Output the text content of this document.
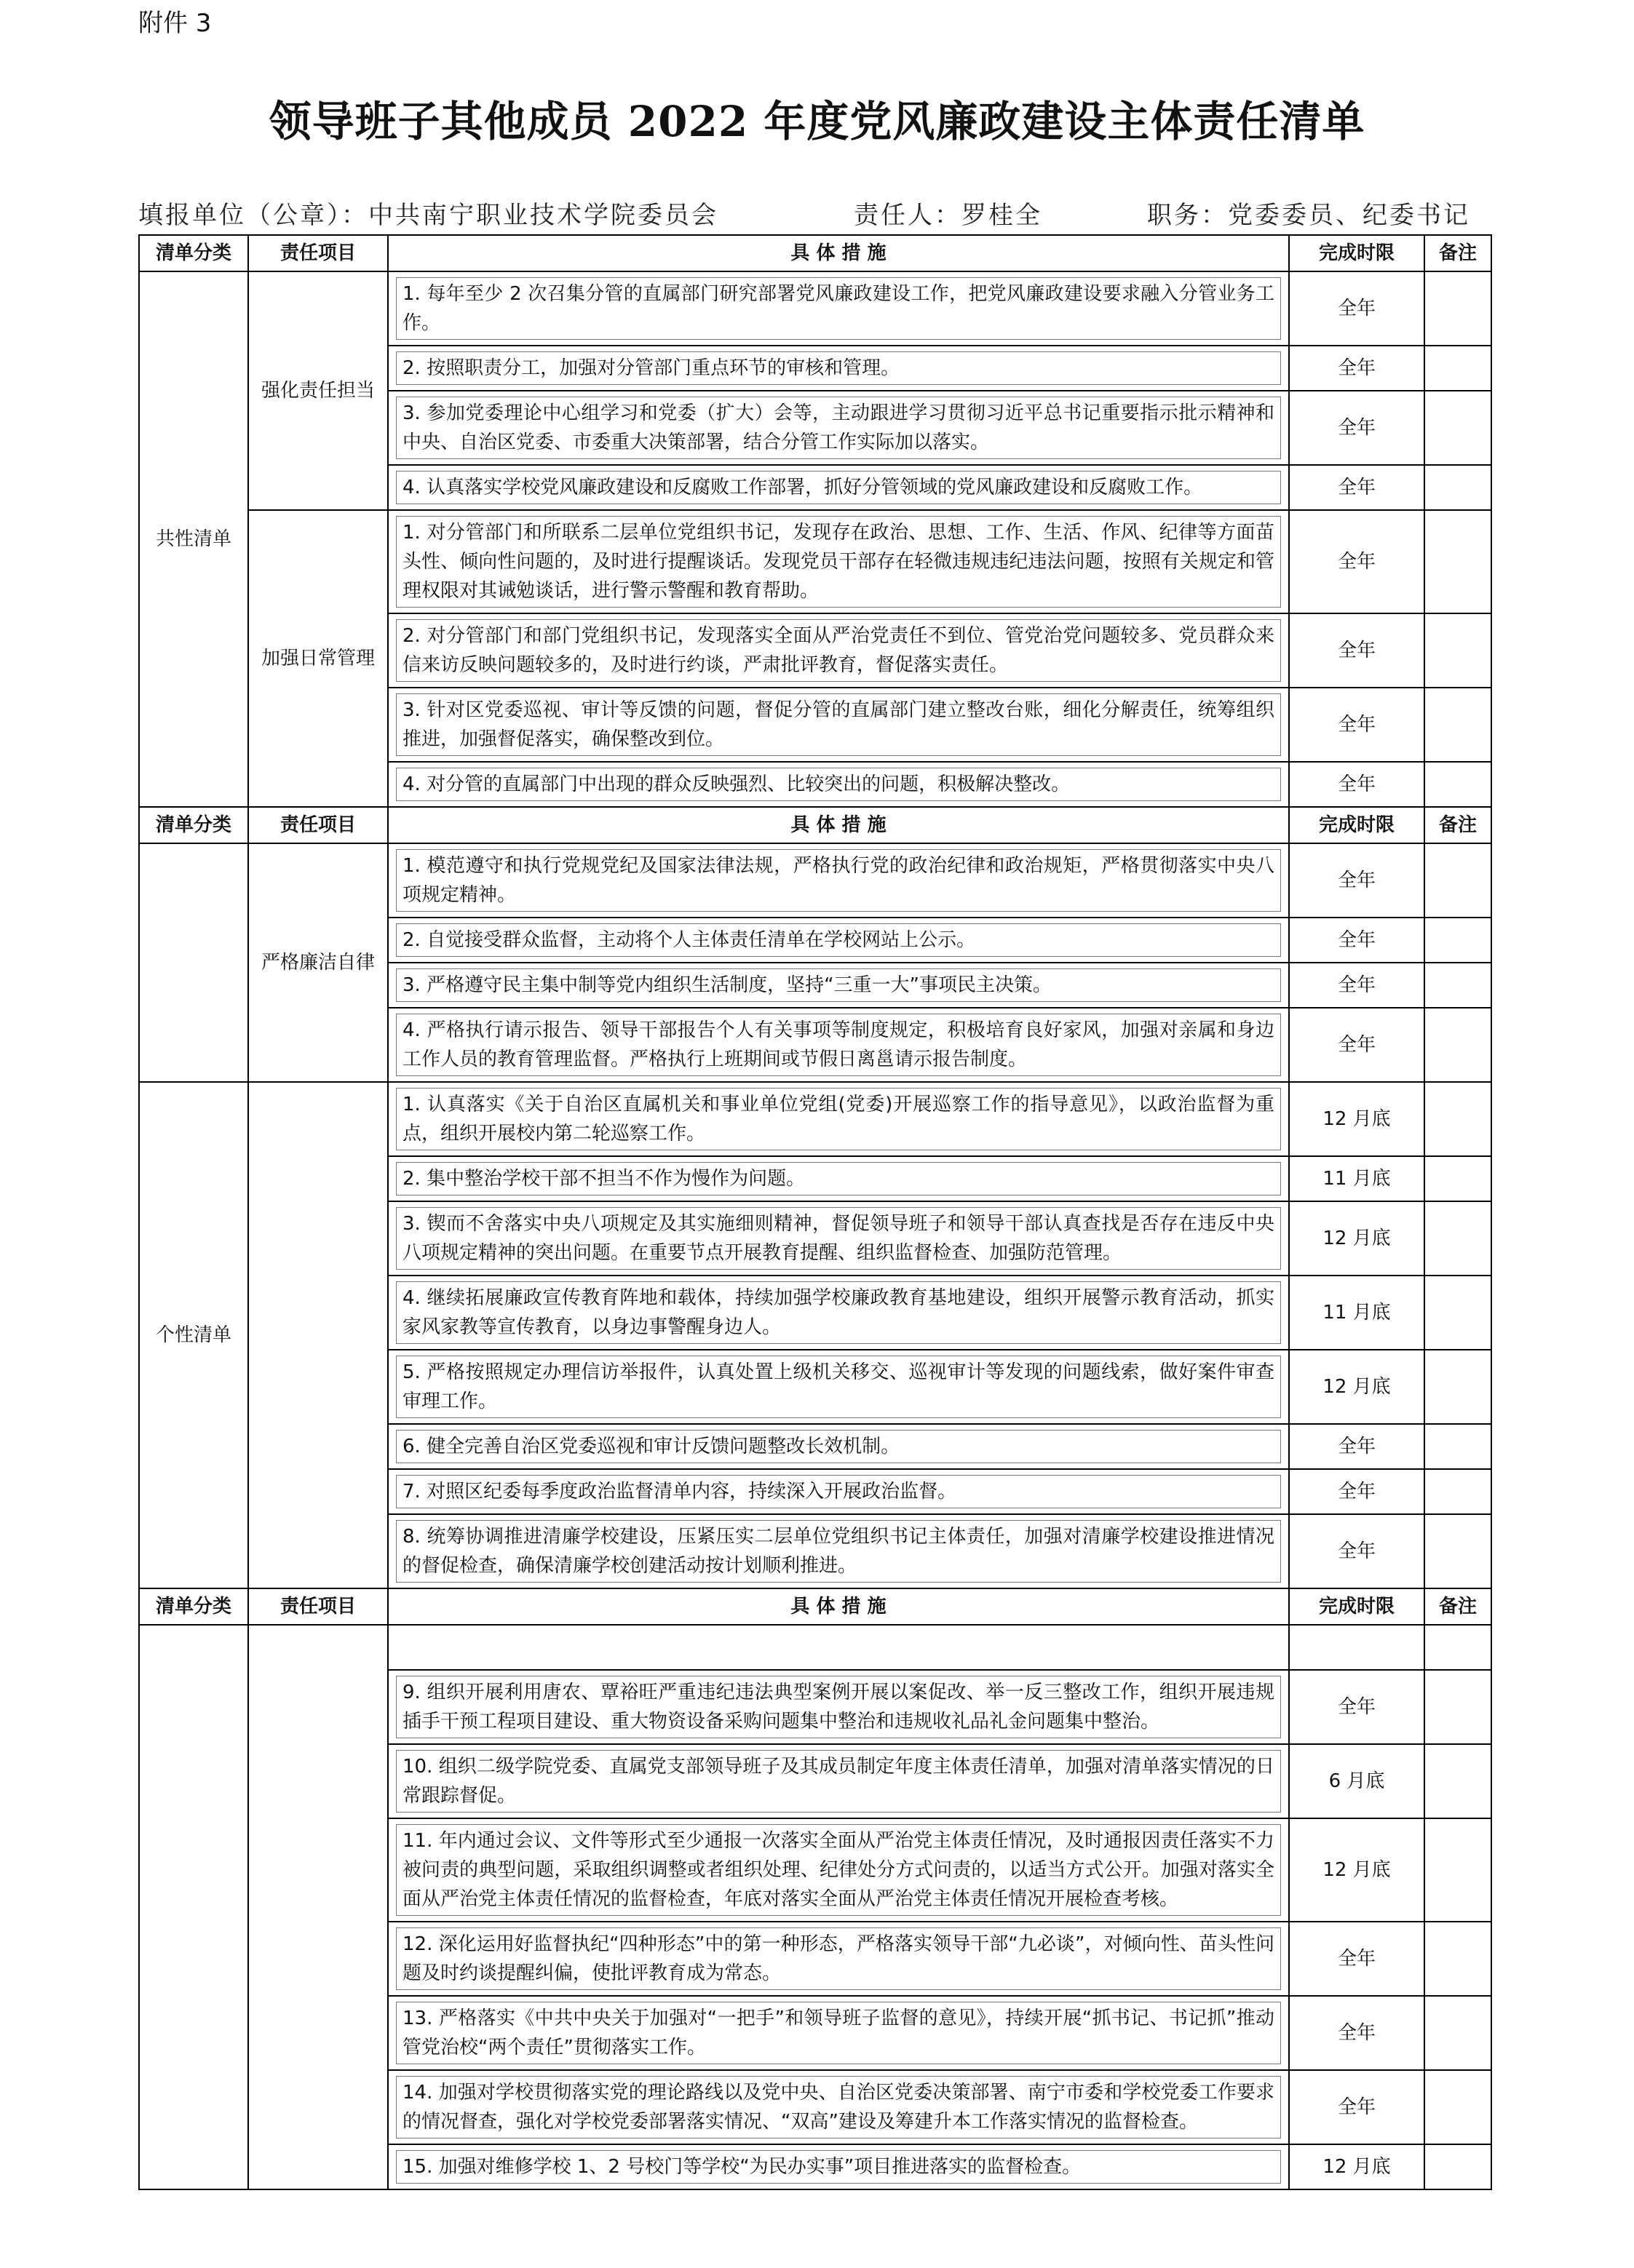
附件 3
领导班子其他成员 2022 年度党风廉政建设主体责任清单
填报单位（公章）：中共南宁职业技术学院委员会	责任人：罗桂全	职务：党委委员、纪委书记
清单分类	责任项目	具 体 措 施	完成时限	备注
共性清单	强化责任担当	1. 每年至少 2 次召集分管的直属部门研究部署党风廉政建设工作，把党风廉政建设要求融入分管业务工作。	全年	

		2. 按照职责分工，加强对分管部门重点环节的审核和管理。	全年	

		3. 参加党委理论中心组学习和党委（扩大）会等，主动跟进学习贯彻习近平总书记重要指示批示精神和中央、自治区党委、市委重大决策部署，结合分管工作实际加以落实。	全年	

		4. 认真落实学校党风廉政建设和反腐败工作部署，抓好分管领域的党风廉政建设和反腐败工作。	全年	
	加强日常管理	1. 对分管部门和所联系二层单位党组织书记，发现存在政治、思想、工作、生活、作风、纪律等方面苗头性、倾向性问题的，及时进行提醒谈话。发现党员干部存在轻微违规违纪违法问题，按照有关规定和管理权限对其诫勉谈话，进行警示警醒和教育帮助。	全年	

		2. 对分管部门和部门党组织书记，发现落实全面从严治党责任不到位、管党治党问题较多、党员群众来信来访反映问题较多的，及时进行约谈，严肃批评教育，督促落实责任。	全年	

		3. 针对区党委巡视、审计等反馈的问题，督促分管的直属部门建立整改台账，细化分解责任，统筹组织推进，加强督促落实，确保整改到位。	全年	

		4. 对分管的直属部门中出现的群众反映强烈、比较突出的问题，积极解决整改。	全年	
清单分类	责任项目	具 体 措 施	完成时限	备注
	严格廉洁自律	1. 模范遵守和执行党规党纪及国家法律法规，严格执行党的政治纪律和政治规矩，严格贯彻落实中央八项规定精神。	全年	

		2. 自觉接受群众监督，主动将个人主体责任清单在学校网站上公示。	全年	

		3. 严格遵守民主集中制等党内组织生活制度，坚持“三重一大”事项民主决策。	全年	

		4. 严格执行请示报告、领导干部报告个人有关事项等制度规定，积极培育良好家风，加强对亲属和身边工作人员的教育管理监督。严格执行上班期间或节假日离邕请示报告制度。	全年	
个性清单		1. 认真落实《关于自治区直属机关和事业单位党组(党委)开展巡察工作的指导意见》，以政治监督为重点，组织开展校内第二轮巡察工作。	12 月底	

		2. 集中整治学校干部不担当不作为慢作为问题。	11 月底	

		3. 锲而不舍落实中央八项规定及其实施细则精神，督促领导班子和领导干部认真查找是否存在违反中央八项规定精神的突出问题。在重要节点开展教育提醒、组织监督检查、加强防范管理。	12 月底	

		4. 继续拓展廉政宣传教育阵地和载体，持续加强学校廉政教育基地建设，组织开展警示教育活动，抓实家风家教等宣传教育，以身边事警醒身边人。	11 月底	

		5. 严格按照规定办理信访举报件，认真处置上级机关移交、巡视审计等发现的问题线索，做好案件审查审理工作。	12 月底	

		6. 健全完善自治区党委巡视和审计反馈问题整改长效机制。	全年	

		7. 对照区纪委每季度政治监督清单内容，持续深入开展政治监督。	全年	

		8. 统筹协调推进清廉学校建设，压紧压实二层单位党组织书记主体责任，加强对清廉学校建设推进情况的督促检查，确保清廉学校创建活动按计划顺利推进。	全年	
清单分类	责任项目	具 体 措 施	完成时限	备注

		9. 组织开展利用唐农、覃裕旺严重违纪违法典型案例开展以案促改、举一反三整改工作，组织开展违规插手干预工程项目建设、重大物资设备采购问题集中整治和违规收礼品礼金问题集中整治。	全年	

		10. 组织二级学院党委、直属党支部领导班子及其成员制定年度主体责任清单，加强对清单落实情况的日常跟踪督促。	6 月底	

		11. 年内通过会议、文件等形式至少通报一次落实全面从严治党主体责任情况，及时通报因责任落实不力被问责的典型问题，采取组织调整或者组织处理、纪律处分方式问责的，以适当方式公开。加强对落实全面从严治党主体责任情况的监督检查，年底对落实全面从严治党主体责任情况开展检查考核。	12 月底	

		12. 深化运用好监督执纪“四种形态”中的第一种形态，严格落实领导干部“九必谈”，对倾向性、苗头性问题及时约谈提醒纠偏，使批评教育成为常态。	全年	

		13. 严格落实《中共中央关于加强对“一把手”和领导班子监督的意见》，持续开展“抓书记、书记抓”推动管党治校“两个责任”贯彻落实工作。	全年	

		14. 加强对学校贯彻落实党的理论路线以及党中央、自治区党委决策部署、南宁市委和学校党委工作要求的情况督查，强化对学校党委部署落实情况、“双高”建设及筹建升本工作落实情况的监督检查。	全年	

		15. 加强对维修学校 1、2 号校门等学校“为民办实事”项目推进落实的监督检查。	12 月底	
